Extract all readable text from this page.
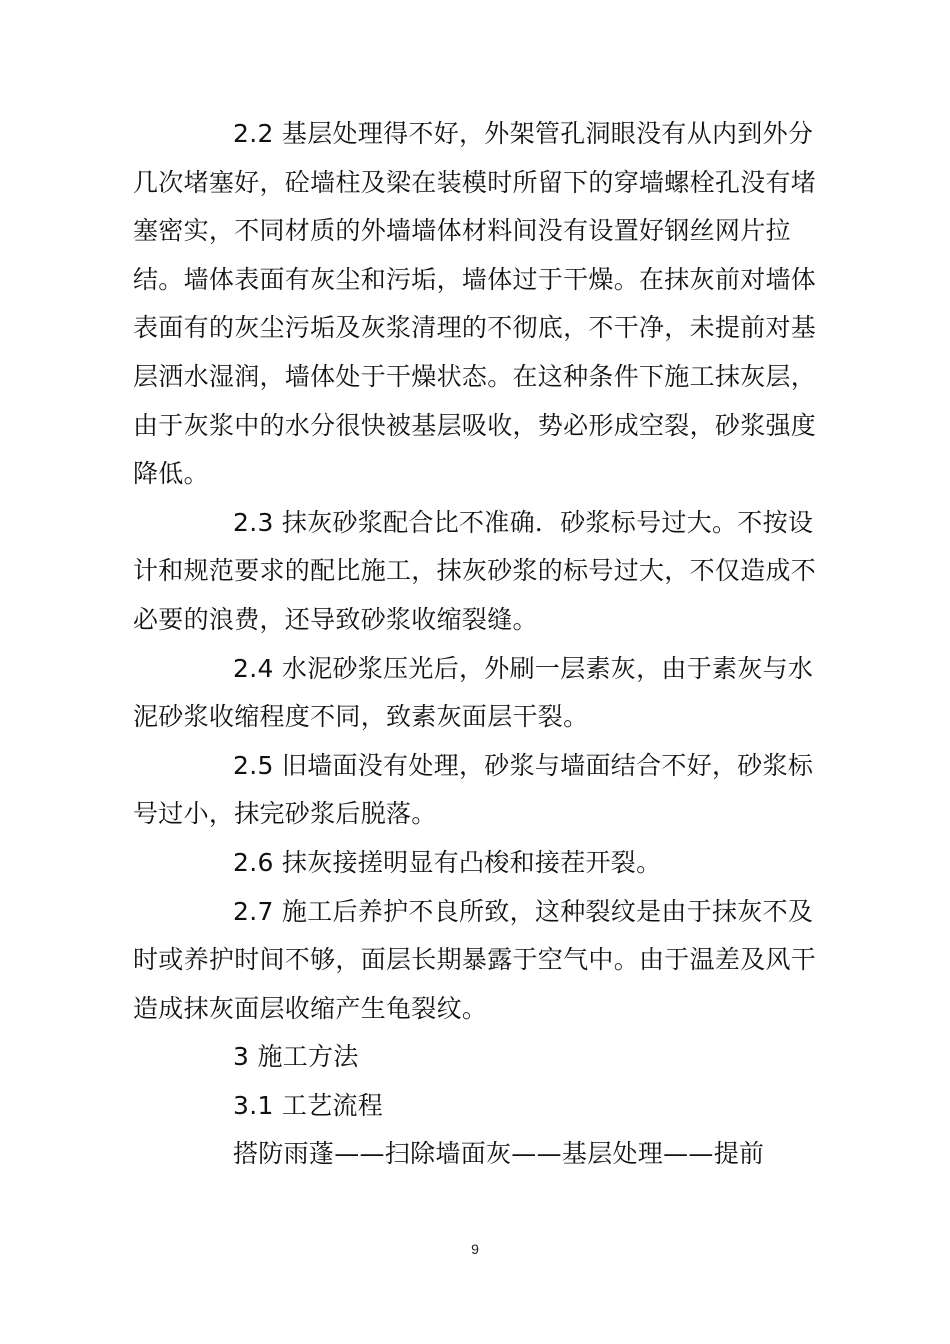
2.2 基层处理得不好，外架管孔洞眼没有从内到外分几次堵塞好，砼墙柱及梁在装模时所留下的穿墙螺栓孔没有堵塞密实，不同材质的外墙墙体材料间没有设置好钢丝网片拉结。墙体表面有灰尘和污垢，墙体过于干燥。在抹灰前对墙体表面有的灰尘污垢及灰浆清理的不彻底，不干净，未提前对基层洒水湿润，墙体处于干燥状态。在这种条件下施工抹灰层，由于灰浆中的水分很快被基层吸收，势必形成空裂，砂浆强度降低。

2.3 抹灰砂浆配合比不准确．砂浆标号过大。不按设计和规范要求的配比施工，抹灰砂浆的标号过大，不仅造成不必要的浪费，还导致砂浆收缩裂缝。

2.4 水泥砂浆压光后，外刷一层素灰，由于素灰与水泥砂浆收缩程度不同，致素灰面层干裂。

2.5 旧墙面没有处理，砂浆与墙面结合不好，砂浆标号过小，抹完砂浆后脱落。

2.6 抹灰接搓明显有凸梭和接茬开裂。

2.7 施工后养护不良所致，这种裂纹是由于抹灰不及时或养护时间不够，面层长期暴露于空气中。由于温差及风干造成抹灰面层收缩产生龟裂纹。

3 施工方法

3.1 工艺流程

搭防雨蓬——扫除墙面灰——基层处理——提前

9
